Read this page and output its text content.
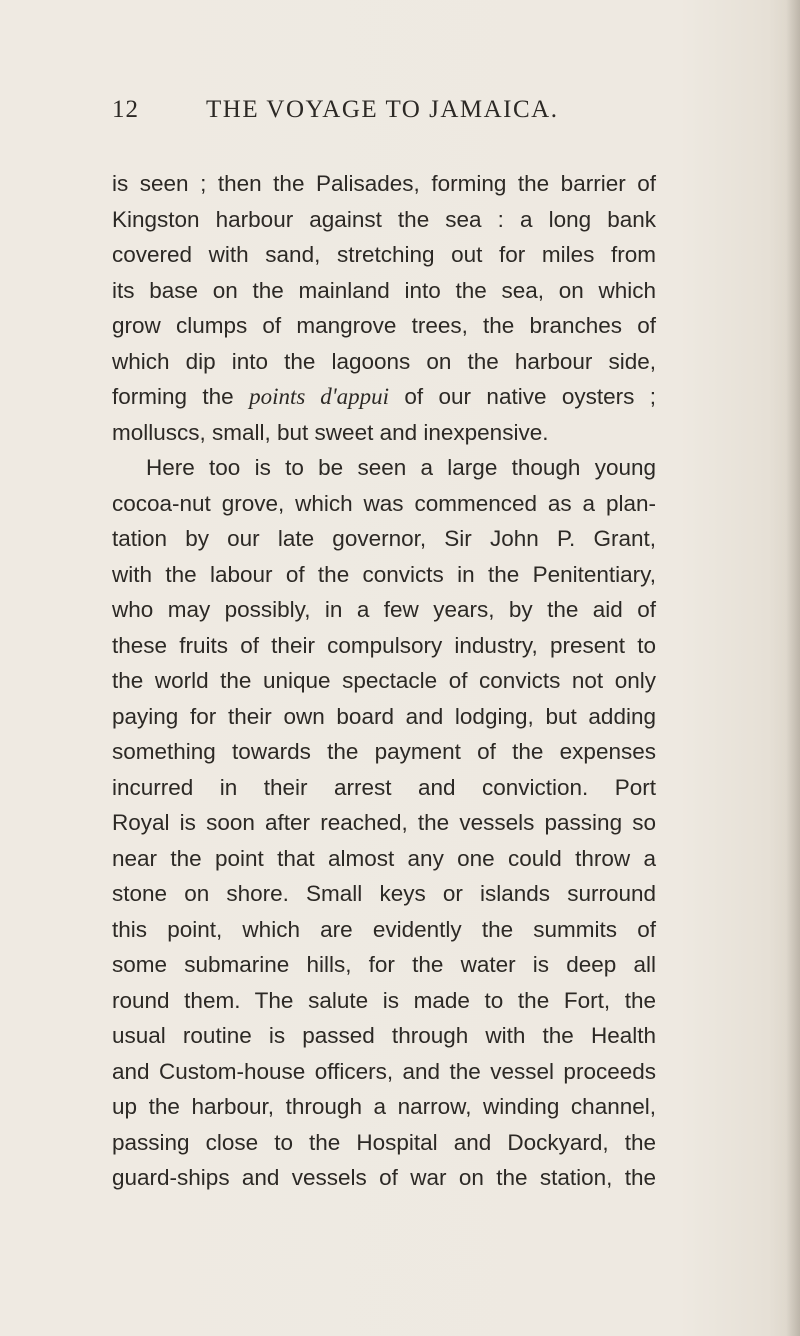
12	THE VOYAGE TO JAMAICA.
is seen ; then the Palisades, forming the barrier of
Kingston harbour against the sea : a long bank
covered with sand, stretching out for miles from
its base on the mainland into the sea, on which
grow clumps of mangrove trees, the branches of
which dip into the lagoons on the harbour side,
forming the points d'appui of our native oysters ;
molluscs, small, but sweet and inexpensive.
Here too is to be seen a large though young
cocoa-nut grove, which was commenced as a plan-
tation by our late governor, Sir John P. Grant,
with the labour of the convicts in the Penitentiary,
who may possibly, in a few years, by the aid of
these fruits of their compulsory industry, present to
the world the unique spectacle of convicts not only
paying for their own board and lodging, but adding
something towards the payment of the expenses
incurred in their arrest and conviction. Port
Royal is soon after reached, the vessels passing so
near the point that almost any one could throw a
stone on shore. Small keys or islands surround
this point, which are evidently the summits of
some submarine hills, for the water is deep all
round them. The salute is made to the Fort, the
usual routine is passed through with the Health
and Custom-house officers, and the vessel proceeds
up the harbour, through a narrow, winding channel,
passing close to the Hospital and Dockyard, the
guard-ships and vessels of war on the station, the
